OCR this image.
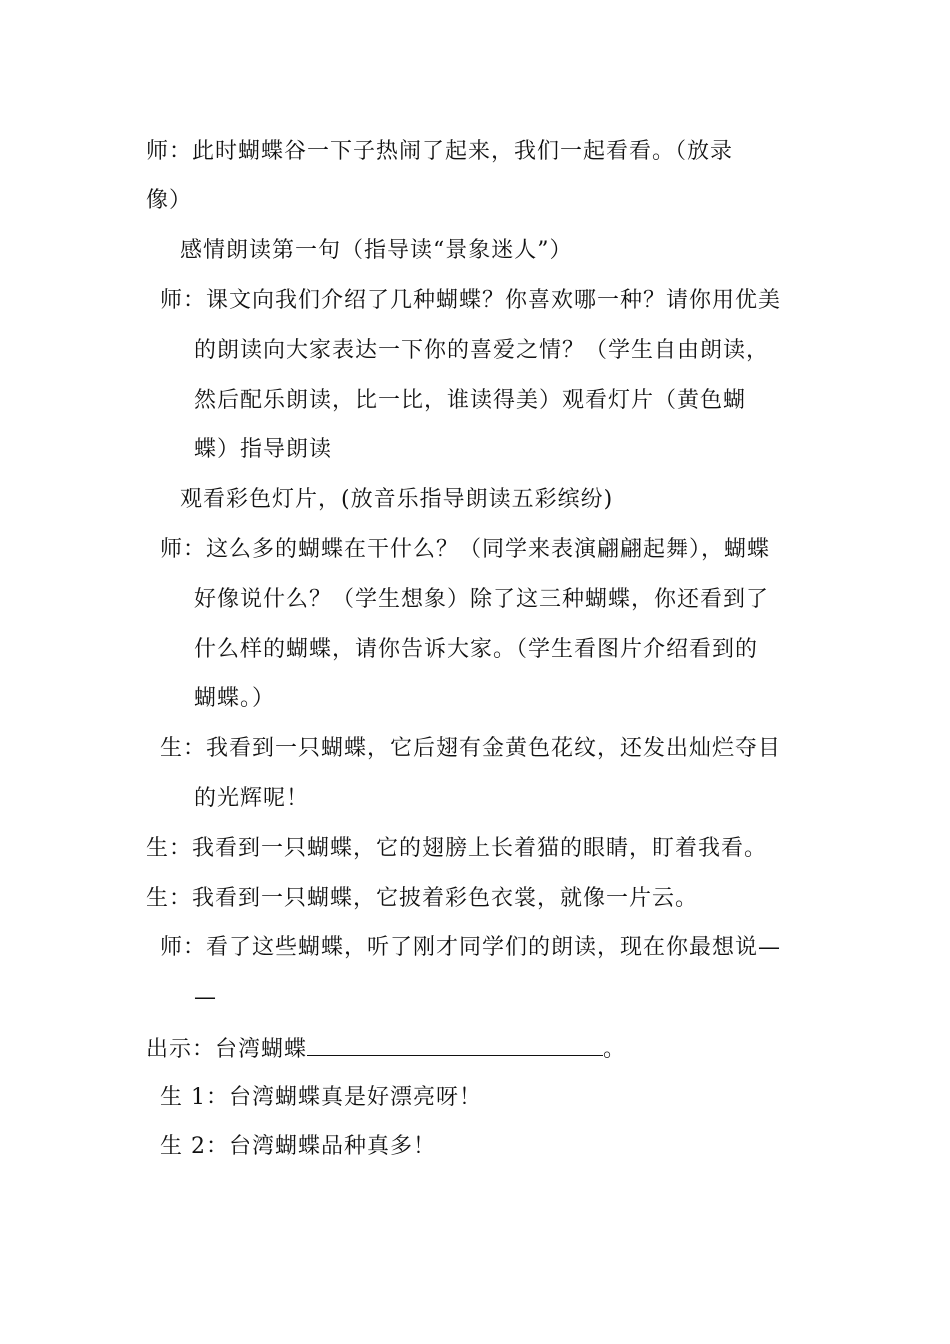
师：此时蝴蝶谷一下子热闹了起来，我们一起看看。（放录
像）
感情朗读第一句（指导读“景象迷人”）
师：课文向我们介绍了几种蝴蝶？你喜欢哪一种？请你用优美
的朗读向大家表达一下你的喜爱之情？（学生自由朗读，
然后配乐朗读，比一比，谁读得美）观看灯片（黄色蝴
蝶）指导朗读
观看彩色灯片，(放音乐指导朗读五彩缤纷)
师：这么多的蝴蝶在干什么？（同学来表演翩翩起舞），蝴蝶
好像说什么？（学生想象）除了这三种蝴蝶，你还看到了
什么样的蝴蝶，请你告诉大家。（学生看图片介绍看到的
蝴蝶。）
生：我看到一只蝴蝶，它后翅有金黄色花纹，还发出灿烂夺目
的光辉呢！
生：我看到一只蝴蝶，它的翅膀上长着猫的眼睛，盯着我看。
生：我看到一只蝴蝶，它披着彩色衣裳，就像一片云。
师：看了这些蝴蝶，听了刚才同学们的朗读，现在你最想说—
—
出示：台湾蝴蝶	。
生 1：台湾蝴蝶真是好漂亮呀！
生 2：台湾蝴蝶品种真多！
